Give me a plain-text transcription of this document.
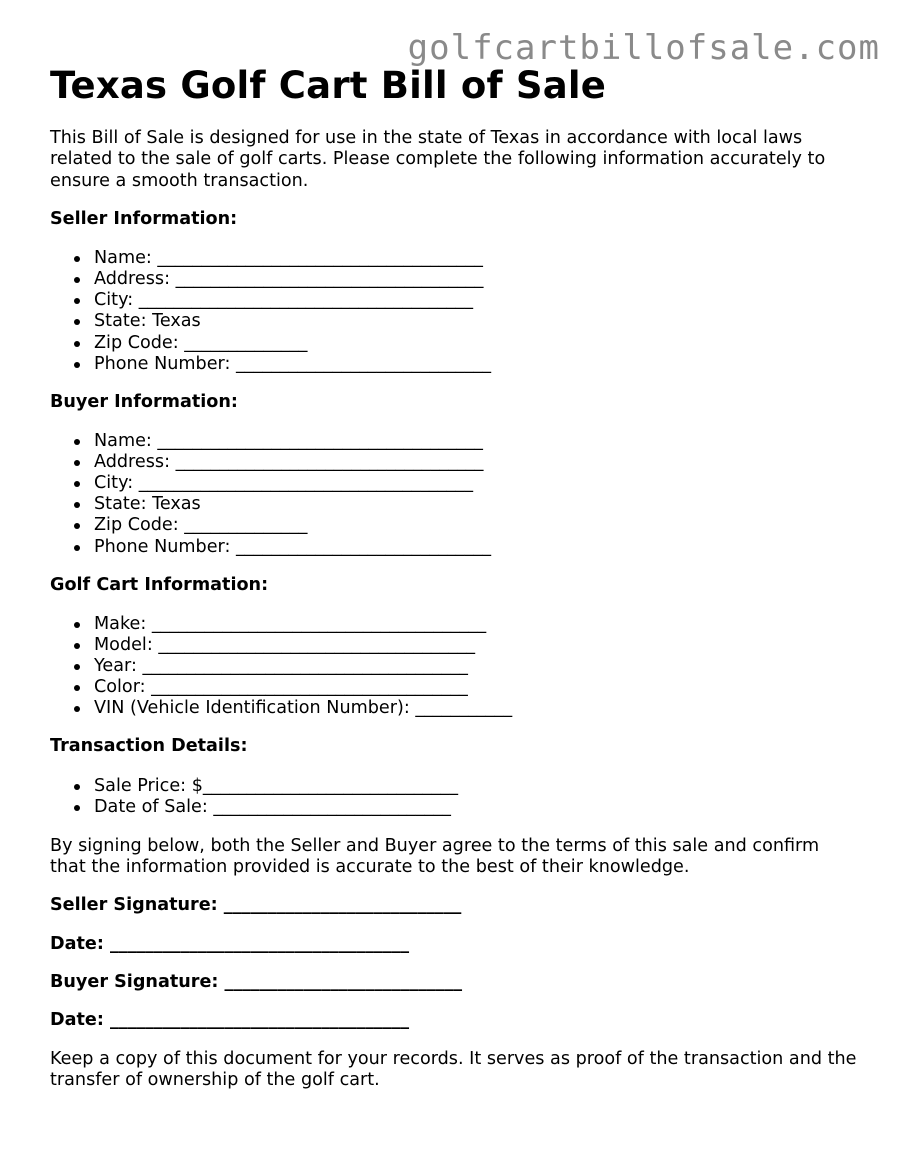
golfcartbillofsale.com
Texas Golf Cart Bill of Sale

This Bill of Sale is designed for use in the state of Texas in accordance with local laws related to the sale of golf carts. Please complete the following information accurately to ensure a smooth transaction.

Seller Information:
Name: _____________________________________
Address: ___________________________________
City: ______________________________________
State: Texas
Zip Code: ______________
Phone Number: _____________________________
Buyer Information:
Name: _____________________________________
Address: ___________________________________
City: ______________________________________
State: Texas
Zip Code: ______________
Phone Number: _____________________________
Golf Cart Information:
Make: ______________________________________
Model: ____________________________________
Year: _____________________________________
Color: ____________________________________
VIN (Vehicle Identification Number): ___________
Transaction Details:
Sale Price: $_____________________________
Date of Sale: ___________________________

By signing below, both the Seller and Buyer agree to the terms of this sale and confirm that the information provided is accurate to the best of their knowledge.

Seller Signature: ___________________________
Date: __________________________________
Buyer Signature: ___________________________
Date: __________________________________

Keep a copy of this document for your records. It serves as proof of the transaction and the transfer of ownership of the golf cart.
